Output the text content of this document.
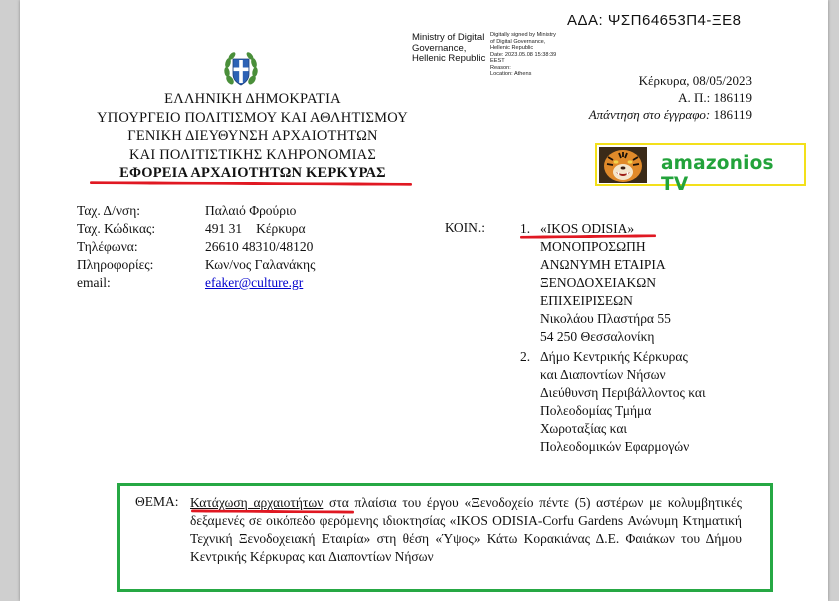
ΑΔΑ: ΨΣΠ64653Π4-ΞΕ8
Ministry of Digital
Governance,
Hellenic Republic
Digitally signed by Ministry
of Digital Governance,
Hellenic Republic
Date: 2023.05.08 15:38:39
EEST
Reason:
Location: Athens
ΕΛΛΗΝΙΚΗ ΔΗΜΟΚΡΑΤΙΑ
ΥΠΟΥΡΓΕΙΟ ΠΟΛΙΤΙΣΜΟΥ ΚΑΙ ΑΘΛΗΤΙΣΜΟΥ
ΓΕΝΙΚΗ ΔΙΕΥΘΥΝΣΗ ΑΡΧΑΙΟΤΗΤΩΝ
ΚΑΙ ΠΟΛΙΤΙΣΤΙΚΗΣ ΚΛΗΡΟΝΟΜΙΑΣ
ΕΦΟΡΕΙΑ ΑΡΧΑΙΟΤΗΤΩΝ ΚΕΡΚΥΡΑΣ
Κέρκυρα, 08/05/2023
Α. Π.: 186119
Απάντηση στο έγγραφο: 186119
amazonios TV
Ταχ. Δ/νση:	Παλαιό Φρούριο
Ταχ. Κώδικας:	491 31 Κέρκυρα
Τηλέφωνα:	26610 48310/48120
Πληροφορίες:	Κων/νος Γαλανάκης
email:	efaker@culture.gr
ΚΟΙΝ.:	1. «IKOS ODISIA»
ΜΟΝΟΠΡΟΣΩΠΗ
ΑΝΩΝΥΜΗ ΕΤΑΙΡΙΑ
ΞΕΝΟΔΟΧΕΙΑΚΩΝ
ΕΠΙΧΕΙΡΙΣΕΩΝ
Νικολάου Πλαστήρα 55
54 250 Θεσσαλονίκη
2. Δήμο Κεντρικής Κέρκυρας
και Διαποντίων Νήσων
Διεύθυνση Περιβάλλοντος και
Πολεοδομίας Τμήμα
Χωροταξίας και
Πολεοδομικών Εφαρμογών
ΘΕΜΑ: Κατάχωση αρχαιοτήτων στα πλαίσια του έργου «Ξενοδοχείο πέντε (5) αστέρων με κολυμβητικές δεξαμενές σε οικόπεδο φερόμενης ιδιοκτησίας «IKOS ODISIA-Corfu Gardens Ανώνυμη Κτηματική Τεχνική Ξενοδοχειακή Εταιρία» στη θέση «Ύψος» Κάτω Κορακιάνας Δ.Ε. Φαιάκων του Δήμου Κεντρικής Κέρκυρας και Διαποντίων Νήσων
